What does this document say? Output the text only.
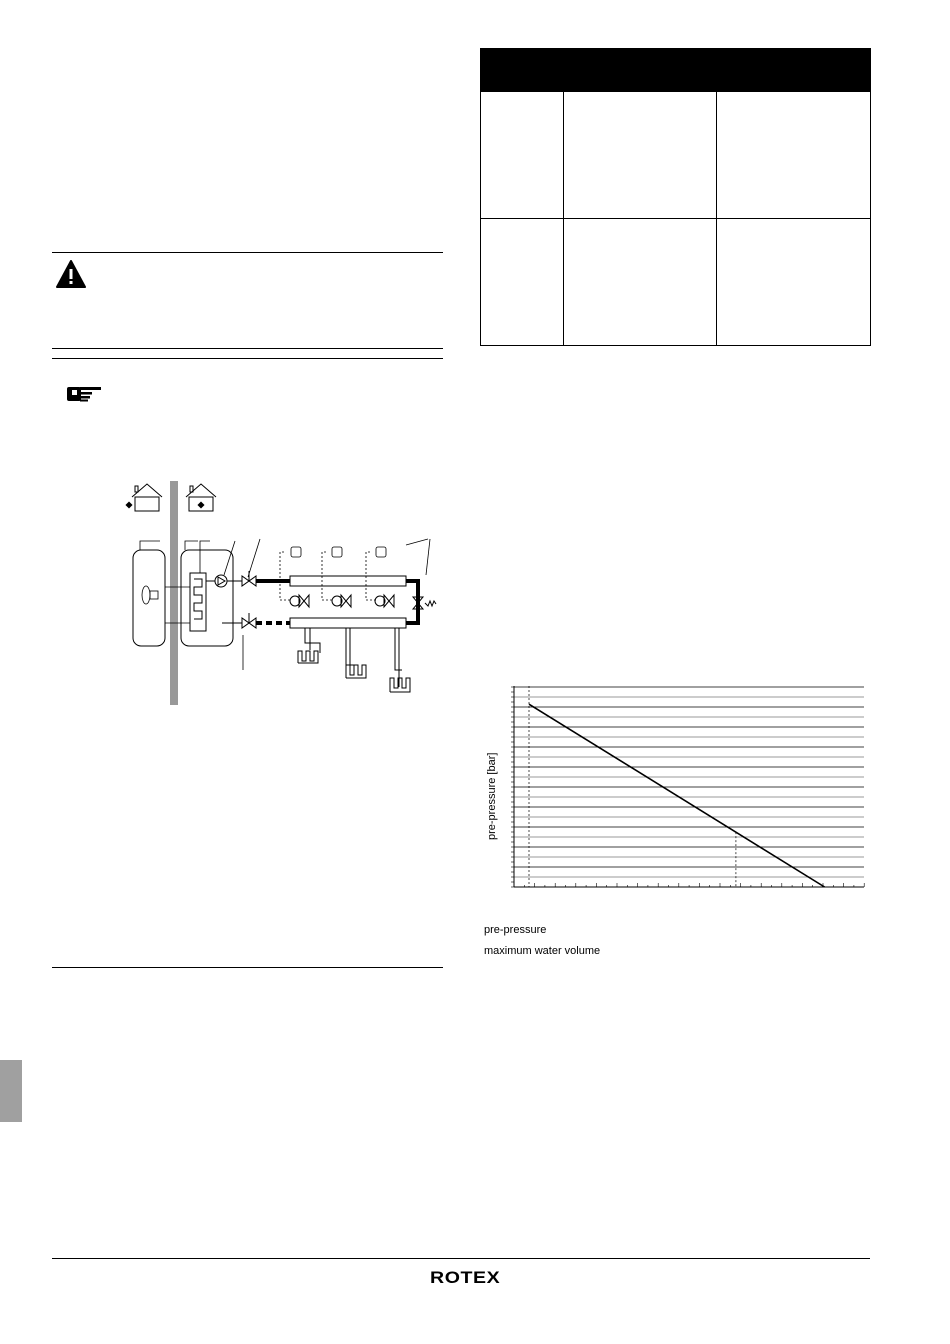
pre-pressure [bar]
pre-pressure
maximum water volume
ROTEX
